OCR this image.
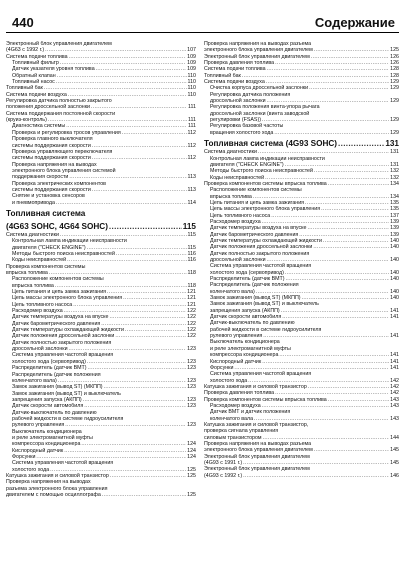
440	Содержание
Электронный блок управления двигателем
(4G63 c 1992 г.) .....	107
Система подачи топлива .....	109
Топливный фильтр .....	109
Датчик указателя уровня топлива .....	109
Обратный клапан .....	110
Топливный насос .....	110
Топливный бак .....	110
Система подачи воздуха .....	110
Регулировка датчика полностью закрытого
положения дроссельной заслонки .....	111
Система поддержания постоянной скорости
(круиз-контроль) .....	111
Диагностика системы .....	111
Проверка и регулировка тросов управления .....	112
Проверка главного выключателя
системы поддержания скорости .....	112
Проверка управляющего переключателя
системы поддержания скорости .....	112
Проверка напряжения на выводах
электронного блока управления системой
поддержания скорости .....	113
Проверка электрических компонентов
системы поддержания скорости .....	113
Снятие и установка сенсоров
и пневмопривода .....	114
Топливная система
(4G63 SOHC, 4G64 SOHC) .....	115
Система диагностики .....	115
Контрольная лампа индикации неисправности
двигателя ("CHECK ENGINE") .....	115
Методы быстрого поиска неисправностей .....	116
Коды неисправностей .....	116
Проверка компонентов системы
впрыска топлива .....	118
Расположение компонентов системы
впрыска топлива .....	118
Цепь питания и цепь замка зажигания .....	121
Цепь массы электронного блока управления .....	121
Цепь топливного насоса .....	121
Расходомер воздуха .....	122
Датчик температуры воздуха на впуске .....	122
Датчик барометрического давления .....	122
Датчик температуры охлаждающей жидкости .....	122
Датчик положения дроссельной заслонки .....	122
Датчик полностью закрытого положения
дроссельной заслонки .....	123
Система управления частотой вращения
холостого хода (сервопривод) .....	123
Распределитель (датчик ВМТ) .....	123
Распределитель (датчик положения
коленчатого вала) .....	123
Замок зажигания (вывод ST) (МКПП) .....	123
Замок зажигания (вывод ST) и выключатель
запрещения запуска (АКПП) .....	123
Датчик скорости автомобиля .....	123
Датчик-выключатель по давлению
рабочей жидкости в системе гидроусилителя
рулевого управления .....	123
Выключатель кондиционера
и реле электромагнитной муфты
компрессора кондиционера .....	124
Кислородный датчик .....	124
Форсунки .....	124
Система управления частотой вращения
холостого хода .....	125
Катушка зажигания и силовой транзистор .....	125
Проверка напряжения на выводах
разъема электронного блока управления
двигателем с помощью осциллографа .....	125
Проверка напряжения на выводах разъема
электронного блока управления двигателем .....	125
Электронный блок управления двигателем .....	126
Проверка давления топлива .....	126
Система подачи топлива .....	128
Топливный бак .....	128
Система подачи воздуха .....	129
Очистка корпуса дроссельной заслонки .....	129
Регулировка датчика положения
дроссельной заслонки .....	129
Регулировка положения винта-упора рычага
дроссельной заслонки (винта заводской
регулировки (FSAS)) .....	129
Регулировка базовой частоты
вращения холостого хода .....	129
Топливная система (4G93 SOHC) .....	131
Система диагностики .....	131
Контрольная лампа индикации неисправности
двигателя ("CHECK ENGINE") .....	131
Методы быстрого поиска неисправностей .....	132
Коды неисправностей .....	132
Проверка компонентов системы впрыска топлива .....	134
Расположение компонентов системы
впрыска топлива .....	134
Цепь питания и цепь замка зажигания .....	135
Цепь массы электронного блока управления .....	135
Цепь топливного насоса .....	137
Расходомер воздуха .....	139
Датчик температуры воздуха на впуске .....	139
Датчик барометрического давления .....	139
Датчик температуры охлаждающей жидкости .....	140
Датчик положения дроссельной заслонки .....	140
Датчик полностью закрытого положения
дроссельной заслонки .....	140
Система управления частотой вращения
холостого хода (сервопривод) .....	140
Распределитель (датчик ВМТ) .....	140
Распределитель (датчик положения
коленчатого вала) .....	140
Замок зажигания (вывод ST) (МКПП) .....	140
Замок зажигания (вывод ST) и выключатель
запрещения запуска (АКПП) .....	141
Датчик скорости автомобиля .....	141
Датчик-выключатель по давлению
рабочей жидкости в системе гидроусилителя
рулевого управления .....	141
Выключатель кондиционера
и реле электромагнитной муфты
компрессора кондиционера .....	141
Кислородный датчик .....	141
Форсунки .....	141
Система управления частотой вращения
холостого хода .....	142
Катушка зажигания и силовой транзистор .....	142
Проверка давления топлива .....	142
Проверка компонентов системы впрыска топлива .....	143
Расходомер воздуха .....	143
Датчик ВМТ и датчик положения
коленчатого вала .....	143
Катушка зажигания и силовой транзистор,
проверка сигнала управления
силовым транзистором .....	144
Проверка напряжения на выводах разъема
электронного блока управления двигателем .....	145
Электронный блок управления двигателем
(4G93 c 1991 г.) .....	145
Электронный блок управления двигателем
(4G93 c 1992 г.) .....	146
